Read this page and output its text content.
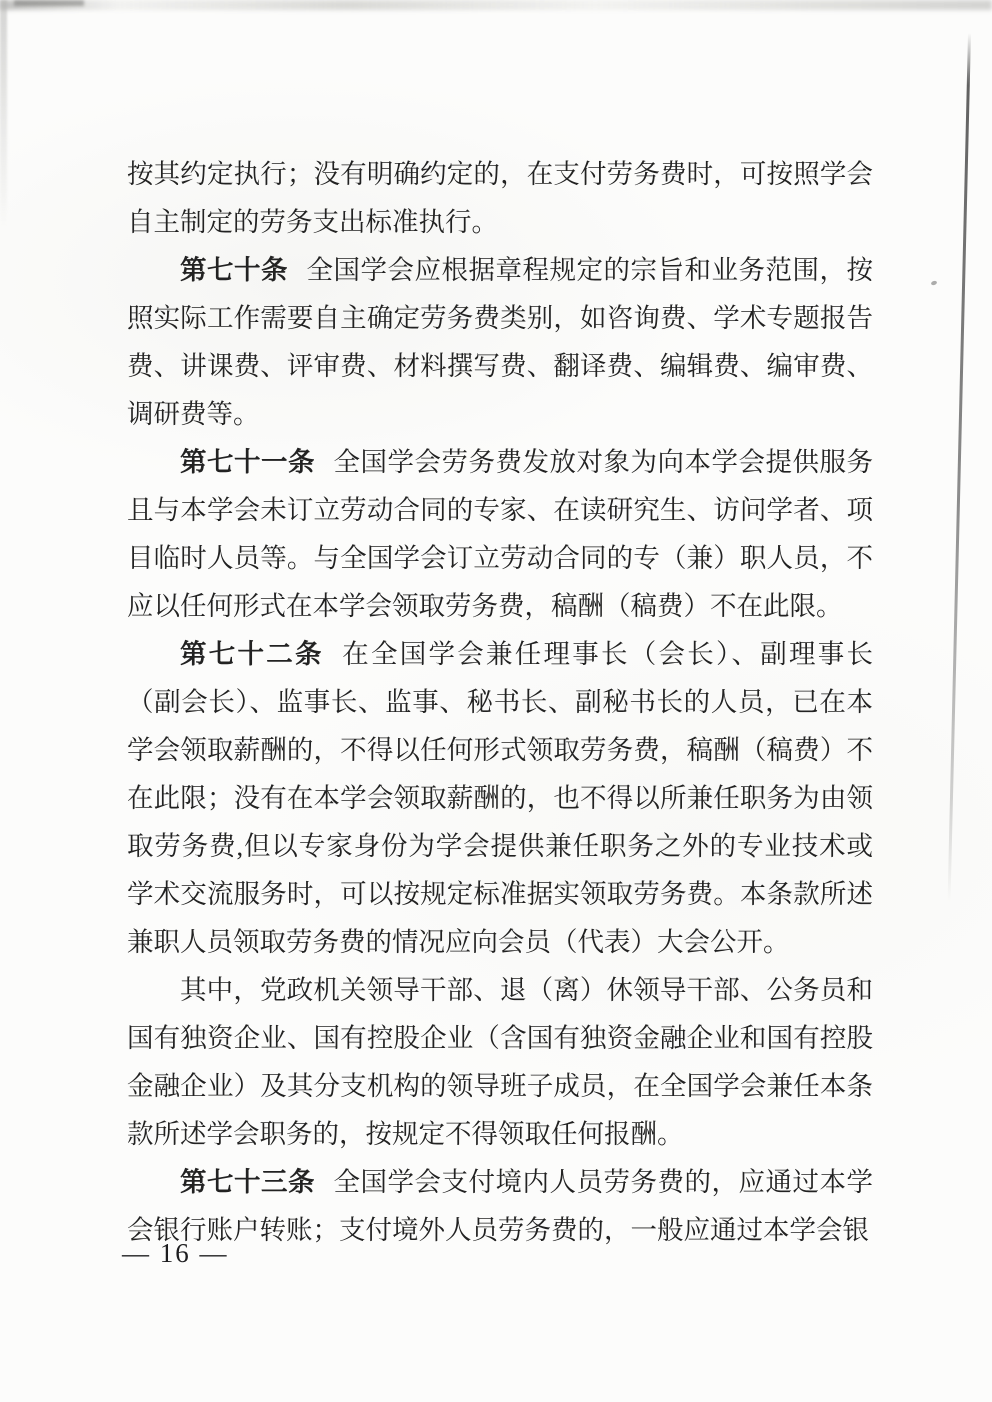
按其约定执行；没有明确约定的，在支付劳务费时，可按照学会自主制定的劳务支出标准执行。

第七十条 全国学会应根据章程规定的宗旨和业务范围，按照实际工作需要自主确定劳务费类别，如咨询费、学术专题报告费、讲课费、评审费、材料撰写费、翻译费、编辑费、编审费、调研费等。

第七十一条 全国学会劳务费发放对象为向本学会提供服务且与本学会未订立劳动合同的专家、在读研究生、访问学者、项目临时人员等。与全国学会订立劳动合同的专（兼）职人员，不应以任何形式在本学会领取劳务费，稿酬（稿费）不在此限。

第七十二条 在全国学会兼任理事长（会长）、副理事长（副会长）、监事长、监事、秘书长、副秘书长的人员，已在本学会领取薪酬的，不得以任何形式领取劳务费，稿酬（稿费）不在此限；没有在本学会领取薪酬的，也不得以所兼任职务为由领取劳务费,但以专家身份为学会提供兼任职务之外的专业技术或学术交流服务时，可以按规定标准据实领取劳务费。本条款所述兼职人员领取劳务费的情况应向会员（代表）大会公开。

其中，党政机关领导干部、退（离）休领导干部、公务员和国有独资企业、国有控股企业（含国有独资金融企业和国有控股金融企业）及其分支机构的领导班子成员，在全国学会兼任本条款所述学会职务的，按规定不得领取任何报酬。

第七十三条 全国学会支付境内人员劳务费的，应通过本学会银行账户转账；支付境外人员劳务费的，一般应通过本学会银

— 16 —
